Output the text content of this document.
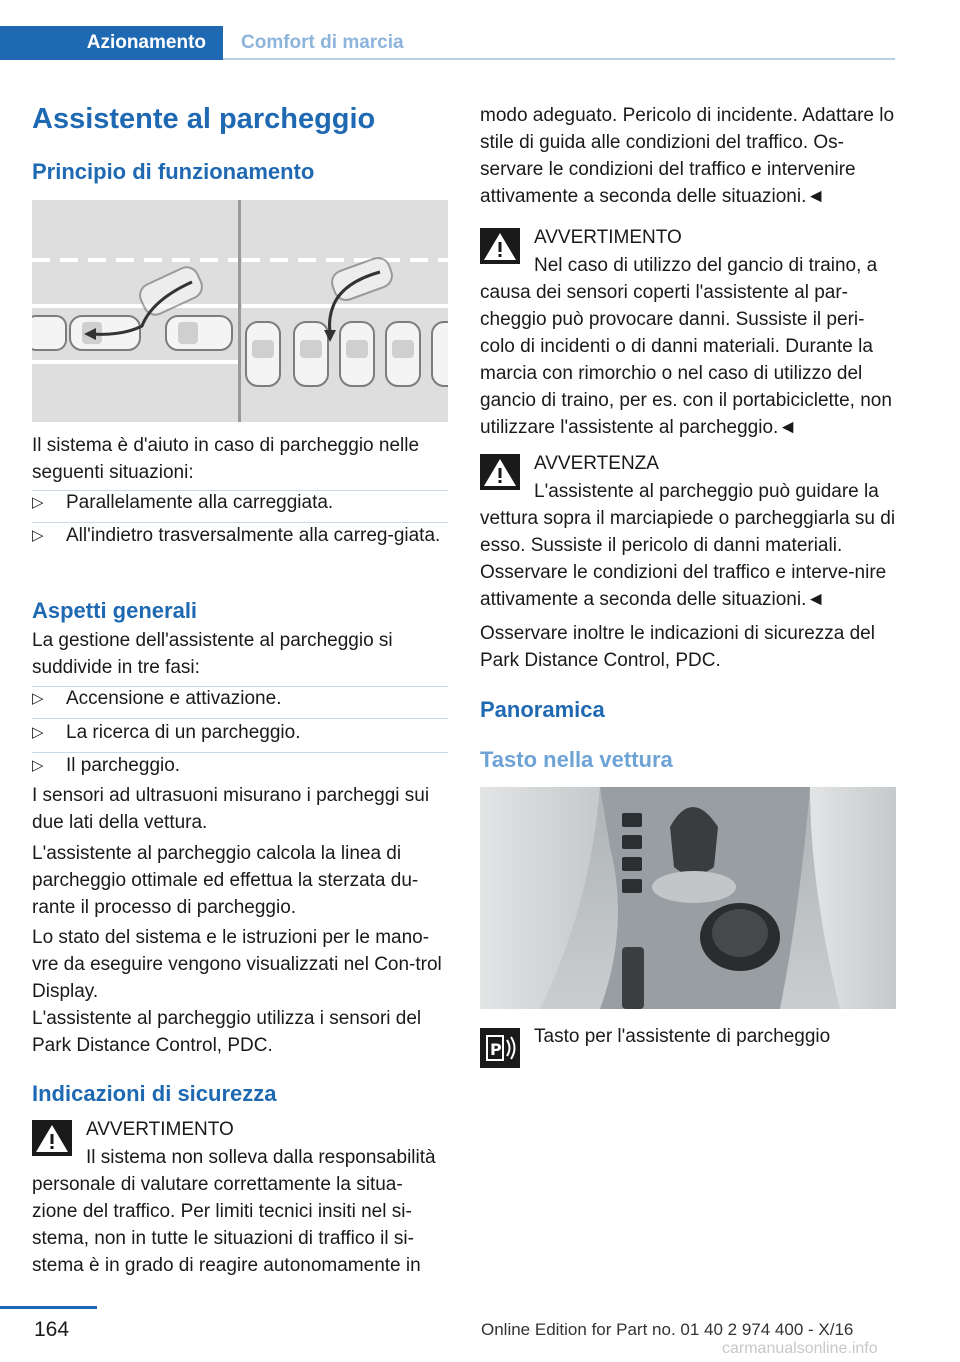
Azionamento	Comfort di marcia
Assistente al parcheggio
Principio di funzionamento
Il sistema è d'aiuto in caso di parcheggio nelle seguenti situazioni:
▷ Parallelamente alla carreggiata.
▷ All'indietro trasversalmente alla carreg-giata.
Aspetti generali
La gestione dell'assistente al parcheggio si suddivide in tre fasi:
▷ Accensione e attivazione.
▷ La ricerca di un parcheggio.
▷ Il parcheggio.
I sensori ad ultrasuoni misurano i parcheggi sui due lati della vettura.
L'assistente al parcheggio calcola la linea di parcheggio ottimale ed effettua la sterzata du-rante il processo di parcheggio.
Lo stato del sistema e le istruzioni per le mano-vre da eseguire vengono visualizzati nel Con-trol Display.
L'assistente al parcheggio utilizza i sensori del Park Distance Control, PDC.
Indicazioni di sicurezza
AVVERTIMENTO
Il sistema non solleva dalla responsabilità personale di valutare correttamente la situa-zione del traffico. Per limiti tecnici insiti nel si-stema, non in tutte le situazioni di traffico il si-stema è in grado di reagire autonomamente in
modo adeguato. Pericolo di incidente. Adattare lo stile di guida alle condizioni del traffico. Os-servare le condizioni del traffico e intervenire attivamente a seconda delle situazioni.◄
AVVERTIMENTO
Nel caso di utilizzo del gancio di traino, a causa dei sensori coperti l'assistente al par-cheggio può provocare danni. Sussiste il peri-colo di incidenti o di danni materiali. Durante la marcia con rimorchio o nel caso di utilizzo del gancio di traino, per es. con il portabiciclette, non utilizzare l'assistente al parcheggio.◄
AVVERTENZA
L'assistente al parcheggio può guidare la vettura sopra il marciapiede o parcheggiarla su di esso. Sussiste il pericolo di danni materiali. Osservare le condizioni del traffico e interve-nire attivamente a seconda delle situazioni.◄
Osservare inoltre le indicazioni di sicurezza del Park Distance Control, PDC.
Panoramica
Tasto nella vettura
P
Tasto per l'assistente di parcheggio
164	Online Edition for Part no. 01 40 2 974 400 - X/16
carmanualsonline.info
